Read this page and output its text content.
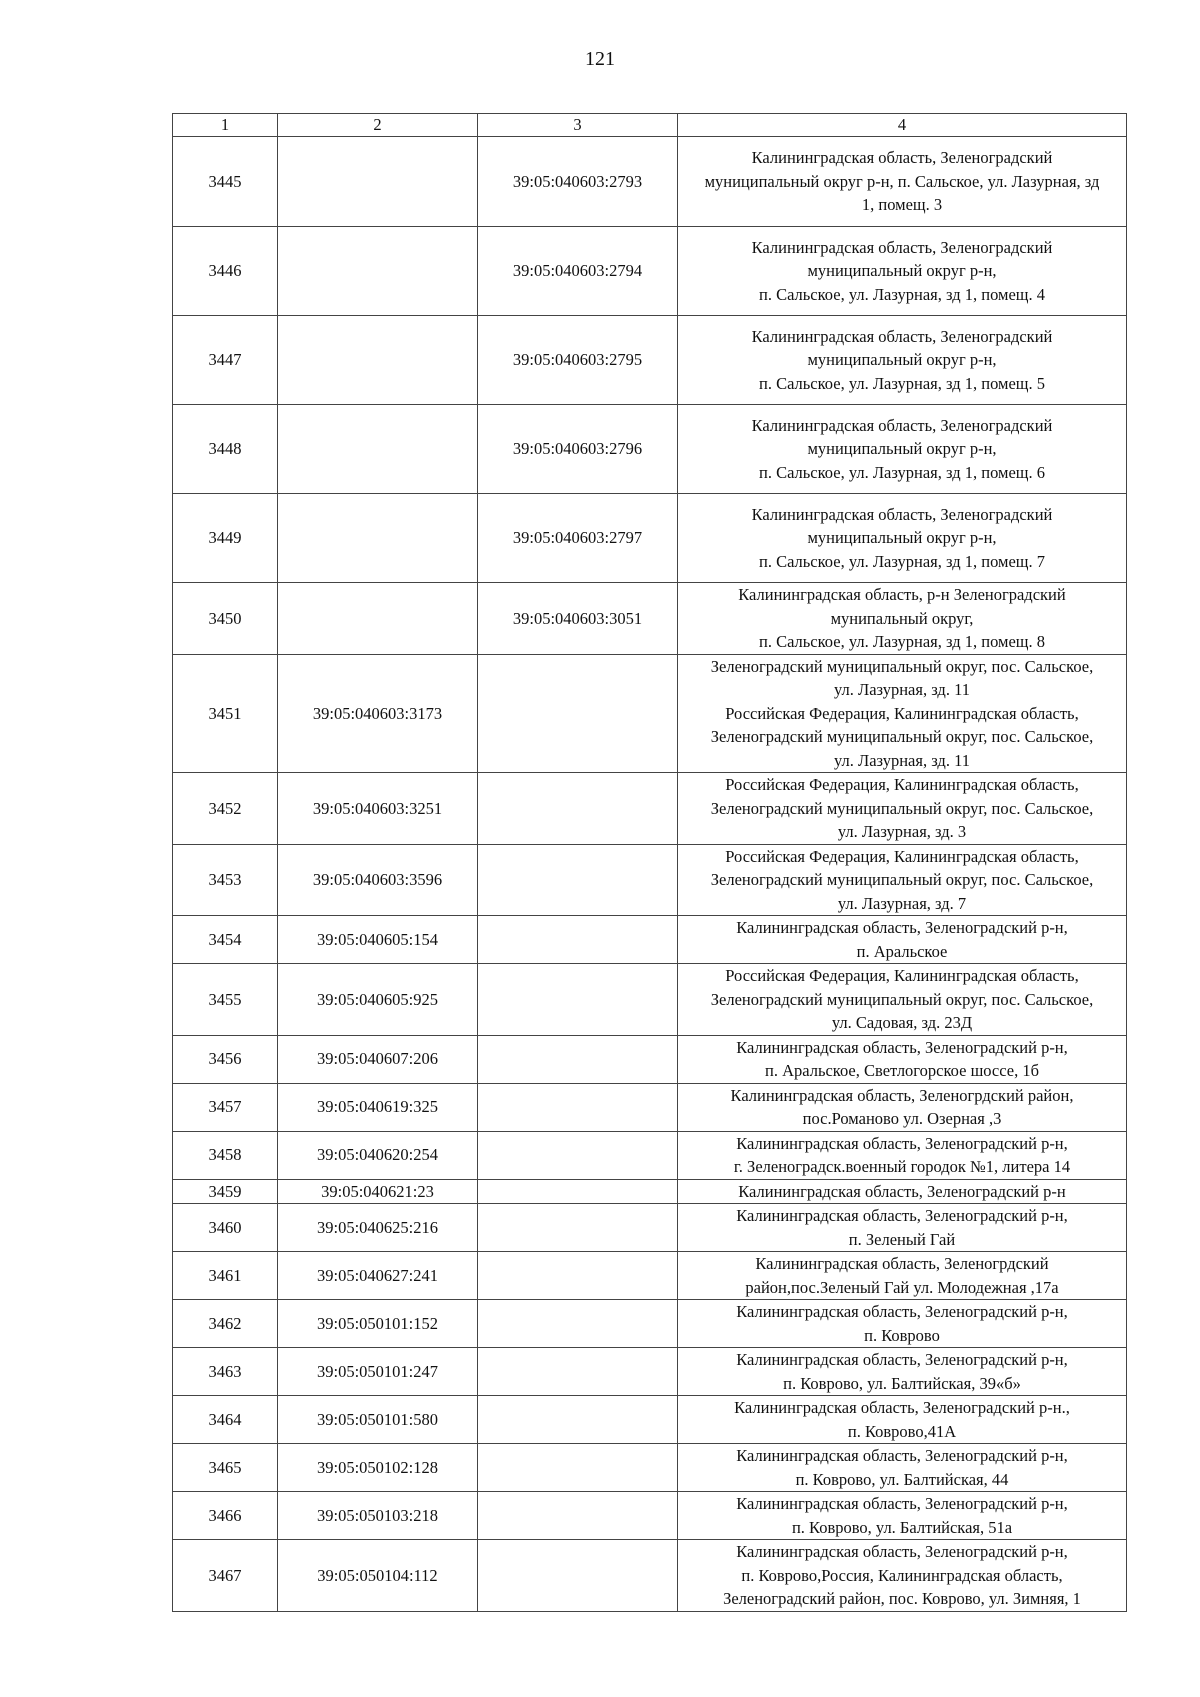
121
1	2	3	4
3445		39:05:040603:2793	Калининградская область, Зеленоградский
муниципальный округ р-н, п. Сальское, ул. Лазурная, зд
1, помещ. 3
3446		39:05:040603:2794	Калининградская область, Зеленоградский
муниципальный округ р-н,
п. Сальское, ул. Лазурная, зд 1, помещ. 4
3447		39:05:040603:2795	Калининградская область, Зеленоградский
муниципальный округ р-н,
п. Сальское, ул. Лазурная, зд 1, помещ. 5
3448		39:05:040603:2796	Калининградская область, Зеленоградский
муниципальный округ р-н,
п. Сальское, ул. Лазурная, зд 1, помещ. 6
3449		39:05:040603:2797	Калининградская область, Зеленоградский
муниципальный округ р-н,
п. Сальское, ул. Лазурная, зд 1, помещ. 7
3450		39:05:040603:3051	Калининградская область, р-н Зеленоградский
мунипальный округ,
п. Сальское, ул. Лазурная, зд 1, помещ. 8
3451	39:05:040603:3173		Зеленоградский муниципальный округ, пос. Сальское,
ул. Лазурная, зд. 11
Российская Федерация, Калининградская область,
Зеленоградский муниципальный округ, пос. Сальское,
ул. Лазурная, зд. 11
3452	39:05:040603:3251		Российская Федерация, Калининградская область,
Зеленоградский муниципальный округ, пос. Сальское,
ул. Лазурная, зд. 3
3453	39:05:040603:3596		Российская Федерация, Калининградская область,
Зеленоградский муниципальный округ, пос. Сальское,
ул. Лазурная, зд. 7
3454	39:05:040605:154		Калининградская область, Зеленоградский р-н,
п. Аральское
3455	39:05:040605:925		Российская Федерация, Калининградская область,
Зеленоградский муниципальный округ, пос. Сальское,
ул. Садовая, зд. 23Д
3456	39:05:040607:206		Калининградская область, Зеленоградский р-н,
п. Аральское, Светлогорское шоссе, 1б
3457	39:05:040619:325		Калининградская область, Зеленогрдский район,
пос.Романово ул. Озерная ,3
3458	39:05:040620:254		Калининградская область, Зеленоградский р-н,
г. Зеленоградск.военный городок №1, литера 14
3459	39:05:040621:23		Калининградская область, Зеленоградский р-н
3460	39:05:040625:216		Калининградская область, Зеленоградский р-н,
п. Зеленый Гай
3461	39:05:040627:241		Калининградская область, Зеленогрдский
район,пос.Зеленый Гай ул. Молодежная ,17а
3462	39:05:050101:152		Калининградская область, Зеленоградский р-н,
п. Коврово
3463	39:05:050101:247		Калининградская область, Зеленоградский р-н,
п. Коврово, ул. Балтийская, 39«б»
3464	39:05:050101:580		Калининградская область, Зеленоградский р-н.,
п. Коврово,41А
3465	39:05:050102:128		Калининградская область, Зеленоградский р-н,
п. Коврово, ул. Балтийская, 44
3466	39:05:050103:218		Калининградская область, Зеленоградский р-н,
п. Коврово, ул. Балтийская, 51а
3467	39:05:050104:112		Калининградская область, Зеленоградский р-н,
п. Коврово,Россия, Калининградская область,
Зеленоградский район, пос. Коврово, ул. Зимняя, 1
